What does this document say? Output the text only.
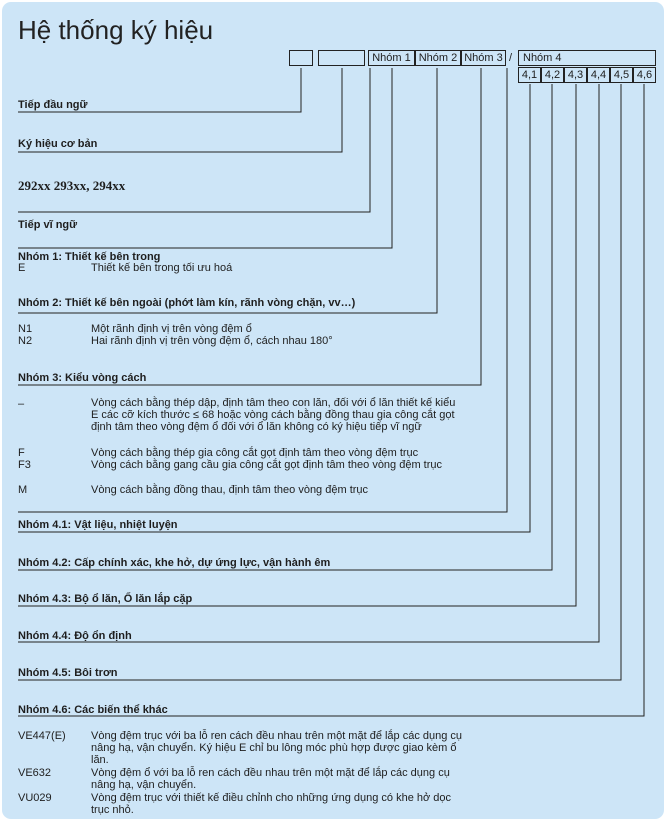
Hệ thống ký hiệu
Nhóm 1 Nhóm 2 Nhóm 3 / Nhóm 4
4,1 4,2 4,3 4,4 4,5 4,6
Tiếp đầu ngữ
Ký hiệu cơ bản
292xx 293xx, 294xx
Tiếp vĩ ngữ
Nhóm 1: Thiết kế bên trong
E	Thiết kế bên trong tối ưu hoá
Nhóm 2: Thiết kế bên ngoài (phớt làm kín, rãnh vòng chặn, vv…)
N1	Một rãnh định vị trên vòng đệm ổ
N2	Hai rãnh định vị trên vòng đệm ổ, cách nhau 180°
Nhóm 3: Kiểu vòng cách
–	Vòng cách bằng thép dập, định tâm theo con lăn, đối với ổ lăn thiết kế kiểu E các cỡ kích thước ≤ 68 hoặc vòng cách bằng đồng thau gia công cắt gọt định tâm theo vòng đệm ổ đối với ổ lăn không có ký hiệu tiếp vĩ ngữ
F	Vòng cách bằng thép gia công cắt gọt định tâm theo vòng đệm trục
F3	Vòng cách bằng gang cầu gia công cắt gọt định tâm theo vòng đệm trục
M	Vòng cách bằng đồng thau, định tâm theo vòng đệm trục
Nhóm 4.1: Vật liệu, nhiệt luyện
Nhóm 4.2: Cấp chính xác, khe hở, dự ứng lực, vận hành êm
Nhóm 4.3: Bộ ổ lăn, Ổ lăn lắp cặp
Nhóm 4.4: Độ ổn định
Nhóm 4.5: Bôi trơn
Nhóm 4.6: Các biến thể khác
VE447(E) Vòng đệm trục với ba lỗ ren cách đều nhau trên một mặt để lắp các dụng cụ nâng hạ, vận chuyển. Ký hiệu E chỉ bu lông móc phù hợp được giao kèm ổ lăn.
VE632	Vòng đệm ổ với ba lỗ ren cách đều nhau trên một mặt để lắp các dụng cụ nâng hạ, vận chuyển.
VU029	Vòng đệm trục với thiết kế điều chỉnh cho những ứng dụng có khe hở dọc trục nhỏ.
